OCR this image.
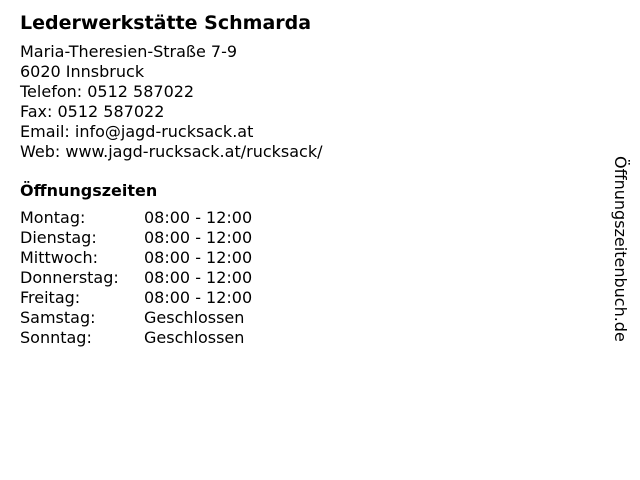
Lederwerkstätte Schmarda
Maria-Theresien-Straße 7-9
6020 Innsbruck
Telefon: 0512 587022
Fax: 0512 587022
Email: info@jagd-rucksack.at
Web: www.jagd-rucksack.at/rucksack/
Öffnungszeiten
Montag:	08:00 - 12:00
Dienstag:	08:00 - 12:00
Mittwoch:	08:00 - 12:00
Donnerstag:	08:00 - 12:00
Freitag:	08:00 - 12:00
Samstag:	Geschlossen
Sonntag:	Geschlossen	Öffnungszeitenbuch.de
